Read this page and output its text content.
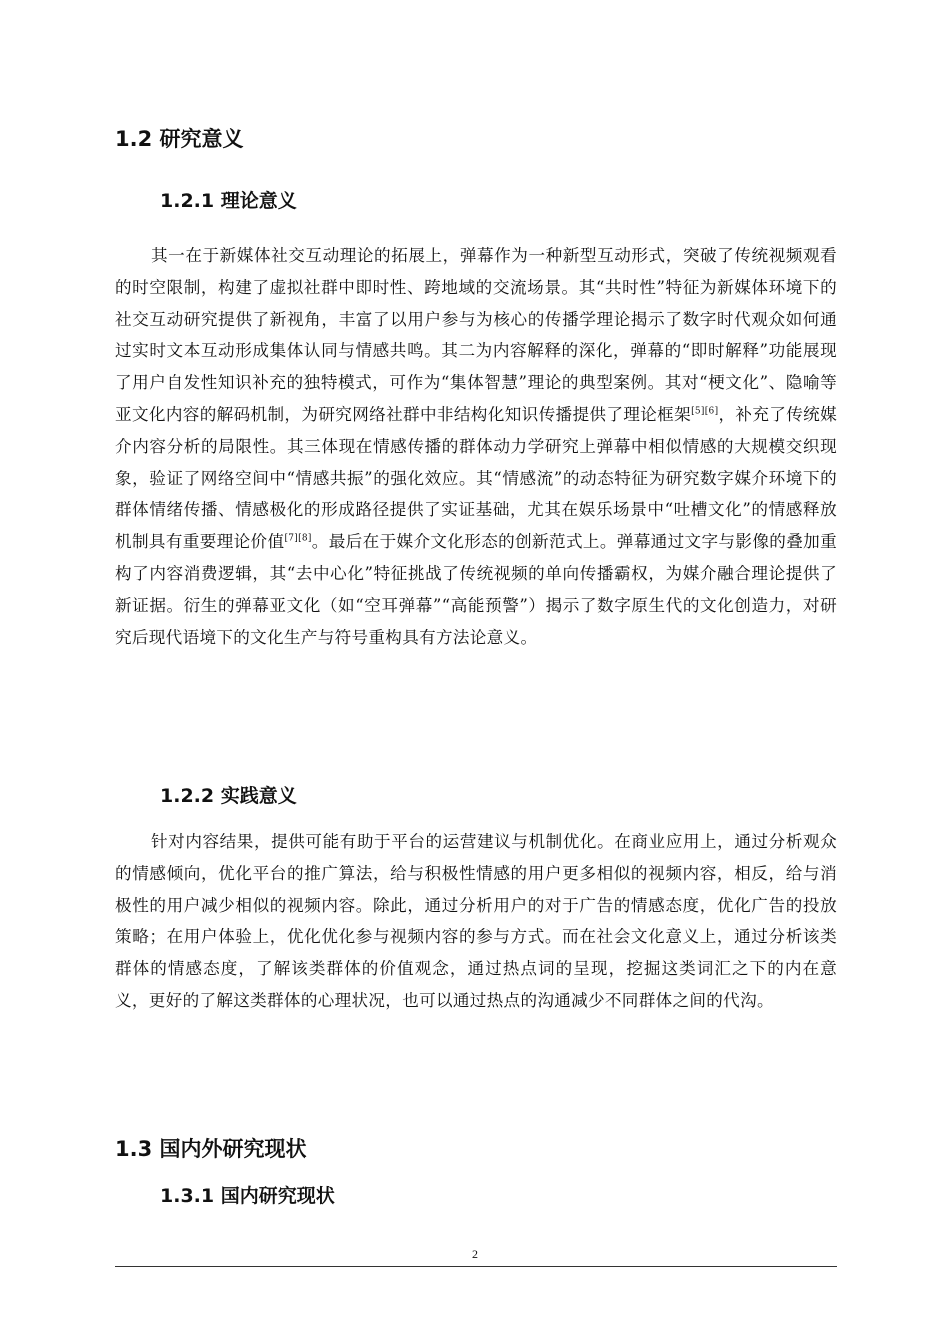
1.2 研究意义
1.2.1 理论意义

其一在于新媒体社交互动理论的拓展上，弹幕作为一种新型互动形式，突破了传统视频观看的时空限制，构建了虚拟社群中即时性、跨地域的交流场景。其“共时性”特征为新媒体环境下的社交互动研究提供了新视角，丰富了以用户参与为核心的传播学理论揭示了数字时代观众如何通过实时文本互动形成集体认同与情感共鸣。其二为内容解释的深化，弹幕的“即时解释”功能展现了用户自发性知识补充的独特模式，可作为“集体智慧”理论的典型案例。其对“梗文化”、隐喻等亚文化内容的解码机制，为研究网络社群中非结构化知识传播提供了理论框架[5][6]，补充了传统媒介内容分析的局限性。其三体现在情感传播的群体动力学研究上弹幕中相似情感的大规模交织现象，验证了网络空间中“情感共振”的强化效应。其“情感流”的动态特征为研究数字媒介环境下的群体情绪传播、情感极化的形成路径提供了实证基础，尤其在娱乐场景中“吐槽文化”的情感释放机制具有重要理论价值[7][8]。最后在于媒介文化形态的创新范式上。弹幕通过文字与影像的叠加重构了内容消费逻辑，其“去中心化”特征挑战了传统视频的单向传播霸权，为媒介融合理论提供了新证据。衍生的弹幕亚文化（如“空耳弹幕”“高能预警”）揭示了数字原生代的文化创造力，对研究后现代语境下的文化生产与符号重构具有方法论意义。

1.2.2 实践意义

针对内容结果，提供可能有助于平台的运营建议与机制优化。在商业应用上，通过分析观众的情感倾向，优化平台的推广算法，给与积极性情感的用户更多相似的视频内容，相反，给与消极性的用户减少相似的视频内容。除此，通过分析用户的对于广告的情感态度，优化广告的投放策略；在用户体验上，优化优化参与视频内容的参与方式。而在社会文化意义上，通过分析该类群体的情感态度，了解该类群体的价值观念，通过热点词的呈现，挖掘这类词汇之下的内在意义，更好的了解这类群体的心理状况，也可以通过热点的沟通减少不同群体之间的代沟。

1.3 国内外研究现状
1.3.1 国内研究现状
2
